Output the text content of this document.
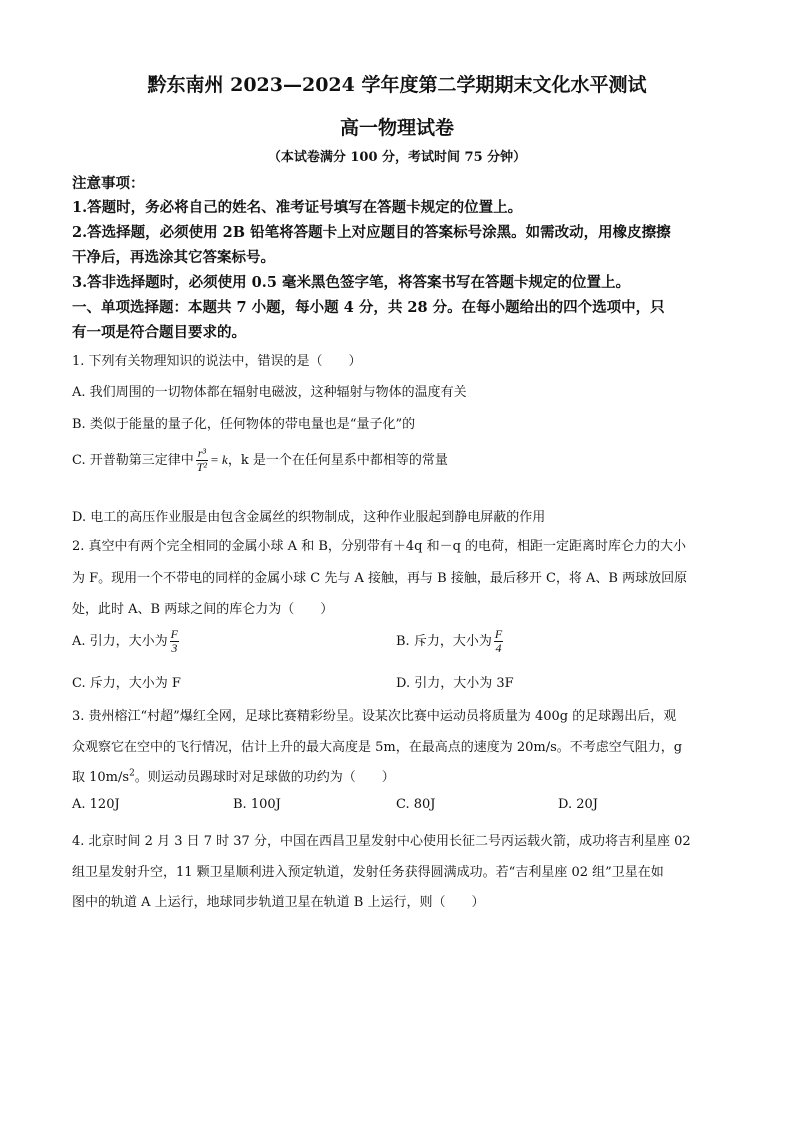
黔东南州 2023—2024 学年度第二学期期末文化水平测试
高一物理试卷
（本试卷满分 100 分，考试时间 75 分钟）
注意事项：
1.答题时，务必将自己的姓名、准考证号填写在答题卡规定的位置上。
2.答选择题，必须使用 2B 铅笔将答题卡上对应题目的答案标号涂黑。如需改动，用橡皮擦擦
干净后，再选涂其它答案标号。
3.答非选择题时，必须使用 0.5 毫米黑色签字笔，将答案书写在答题卡规定的位置上。
一、单项选择题：本题共 7 小题，每小题 4 分，共 28 分。在每小题给出的四个选项中，只
有一项是符合题目要求的。
1. 下列有关物理知识的说法中，错误的是（　　）
A. 我们周围的一切物体都在辐射电磁波，这种辐射与物体的温度有关
B. 类似于能量的量子化，任何物体的带电量也是“量子化”的
C. 开普勒第三定律中 $\frac{\text{r³}}{\text{T²}} = k$，k 是一个在任何星系中都相等的常量
D. 电工的高压作业服是由包含金属丝的织物制成，这种作业服起到静电屏蔽的作用
2. 真空中有两个完全相同的金属小球 A 和 B，分别带有＋4q 和－q 的电荷，相距一定距离时库仑力的大小
为 F。现用一个不带电的同样的金属小球 C 先与 A 接触，再与 B 接触，最后移开 C，将 A、B 两球放回原
处，此时 A、B 两球之间的库仑力为（　　）
A. 引力，大小为 $\frac{F}{3}$	B. 斥力，大小为 $\frac{F}{4}$
C. 斥力，大小为 F	D. 引力，大小为 3F
3. 贵州榕江“村超”爆红全网，足球比赛精彩纷呈。设某次比赛中运动员将质量为 400g 的足球踢出后，观
众观察它在空中的飞行情况，估计上升的最大高度是 5m，在最高点的速度为 20m/s。不考虑空气阻力，g
取 $10m/s^2$。则运动员踢球时对足球做的功约为（　　）
A. 120J	B. 100J	C. 80J	D. 20J
4. 北京时间 2 月 3 日 7 时 37 分，中国在西昌卫星发射中心使用长征二号丙运载火箭，成功将吉利星座 02
组卫星发射升空，11 颗卫星顺利进入预定轨道，发射任务获得圆满成功。若“吉利星座 02 组”卫星在如
图中的轨道 A 上运行，地球同步轨道卫星在轨道 B 上运行，则（　　）
